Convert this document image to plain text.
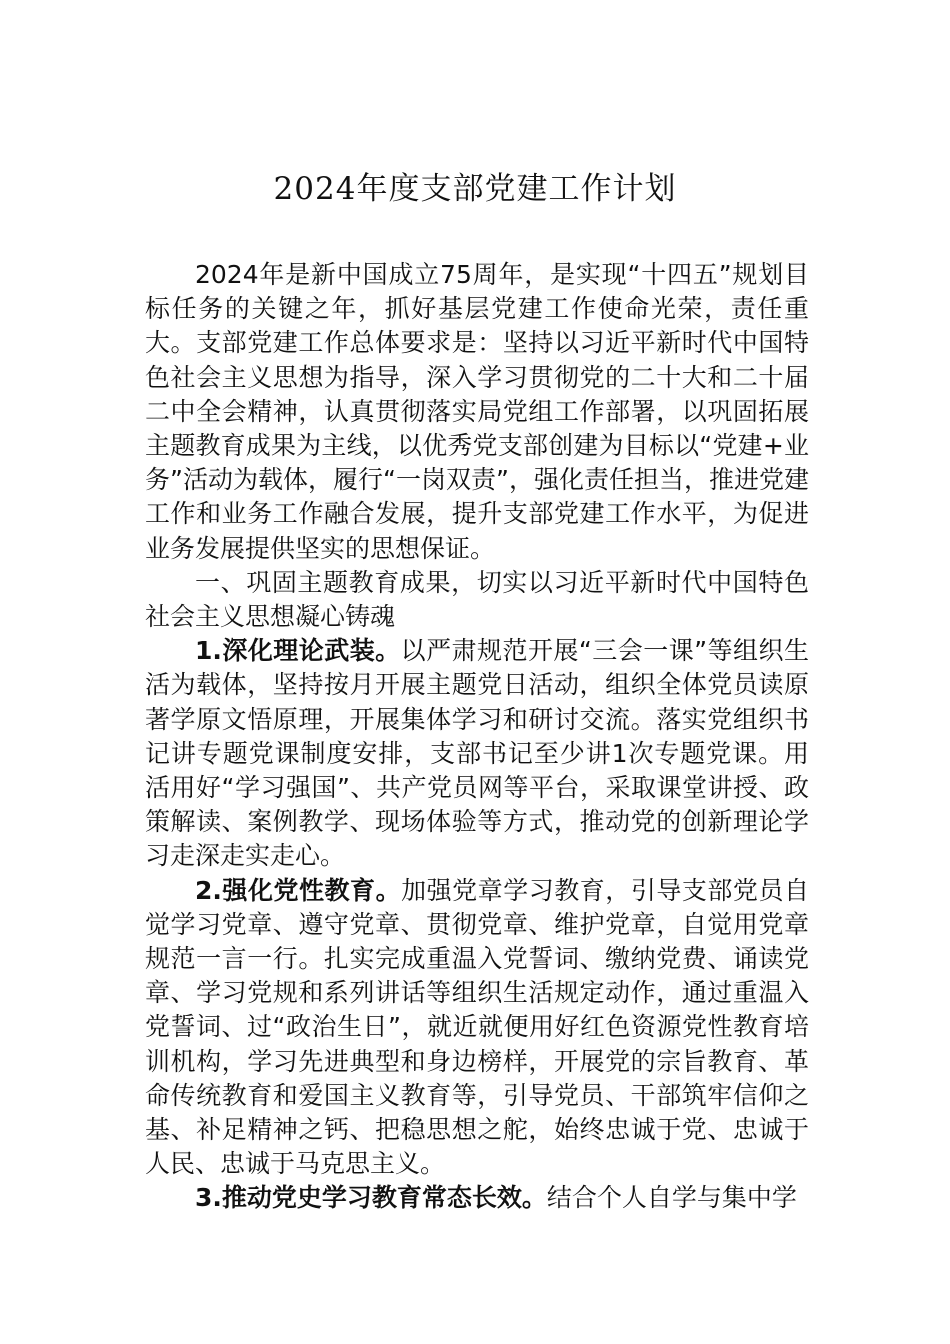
2024年度支部党建工作计划

2024年是新中国成立75周年，是实现“十四五”规划目标任务的关键之年，抓好基层党建工作使命光荣，责任重大。支部党建工作总体要求是：坚持以习近平新时代中国特色社会主义思想为指导，深入学习贯彻党的二十大和二十届二中全会精神，认真贯彻落实局党组工作部署，以巩固拓展主题教育成果为主线，以优秀党支部创建为目标以“党建+业务”活动为载体，履行“一岗双责”，强化责任担当，推进党建工作和业务工作融合发展，提升支部党建工作水平，为促进业务发展提供坚实的思想保证。

一、巩固主题教育成果，切实以习近平新时代中国特色社会主义思想凝心铸魂

1.深化理论武装。以严肃规范开展“三会一课”等组织生活为载体，坚持按月开展主题党日活动，组织全体党员读原著学原文悟原理，开展集体学习和研讨交流。落实党组织书记讲专题党课制度安排，支部书记至少讲1次专题党课。用活用好“学习强国”、共产党员网等平台，采取课堂讲授、政策解读、案例教学、现场体验等方式，推动党的创新理论学习走深走实走心。

2.强化党性教育。加强党章学习教育，引导支部党员自觉学习党章、遵守党章、贯彻党章、维护党章，自觉用党章规范一言一行。扎实完成重温入党誓词、缴纳党费、诵读党章、学习党规和系列讲话等组织生活规定动作，通过重温入党誓词、过“政治生日”，就近就便用好红色资源党性教育培训机构，学习先进典型和身边榜样，开展党的宗旨教育、革命传统教育和爱国主义教育等，引导党员、干部筑牢信仰之基、补足精神之钙、把稳思想之舵，始终忠诚于党、忠诚于人民、忠诚于马克思主义。

3.推动党史学习教育常态长效。结合个人自学与集中学
